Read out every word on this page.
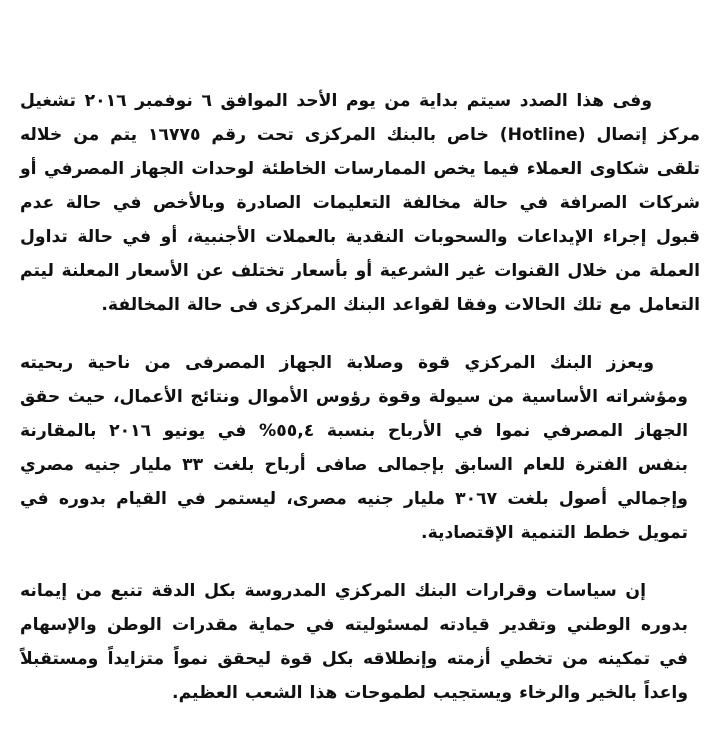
وفى هذا الصدد سيتم بداية من يوم الأحد الموافق ٦ نوفمبر ٢٠١٦ تشغيل مركز إتصال (Hotline) خاص بالبنك المركزى تحت رقم ١٦٧٧٥ يتم من خلاله تلقى شكاوى العملاء فيما يخص الممارسات الخاطئة لوحدات الجهاز المصرفي أو شركات الصرافة في حالة مخالفة التعليمات الصادرة وبالأخص في حالة عدم قبول إجراء الإيداعات والسحوبات النقدية بالعملات الأجنبية، أو في حالة تداول العملة من خلال القنوات غير الشرعية أو بأسعار تختلف عن الأسعار المعلنة ليتم التعامل مع تلك الحالات وفقا لقواعد البنك المركزى فى حالة المخالفة.

ويعزز البنك المركزي قوة وصلابة الجهاز المصرفى من ناحية ربحيته ومؤشراته الأساسية من سيولة وقوة رؤوس الأموال ونتائج الأعمال، حيث حقق الجهاز المصرفي نموا في الأرباح بنسبة ٥٥,٤% في يونيو ٢٠١٦ بالمقارنة بنفس الفترة للعام السابق بإجمالى صافى أرباح بلغت ٣٣ مليار جنيه مصري وإجمالي أصول بلغت ٣٠٦٧ مليار جنيه مصرى، ليستمر في القيام بدوره في تمويل خطط التنمية الإقتصادية.

إن سياسات وقرارات البنك المركزي المدروسة بكل الدقة تنبع من إيمانه بدوره الوطني وتقدير قيادته لمسئوليته في حماية مقدرات الوطن والإسهام في تمكينه من تخطي أزمته وإنطلاقه بكل قوة ليحقق نمواً متزايداً ومستقبلاً واعداً بالخير والرخاء ويستجيب لطموحات هذا الشعب العظيم.
